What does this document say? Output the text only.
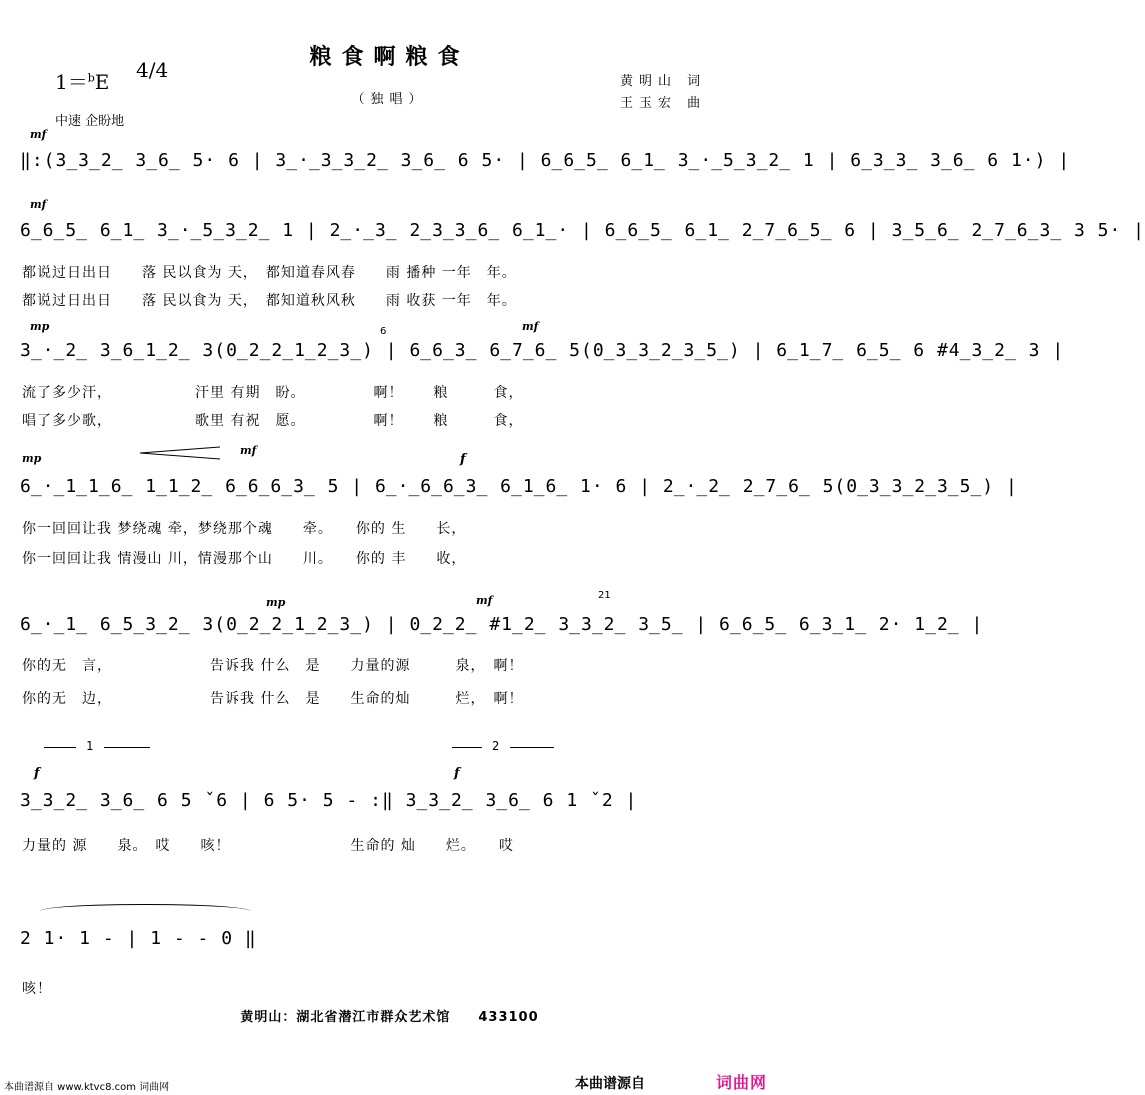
粮食啊粮食
（独唱）
1＝$^b$E 4/4	黄明山 词
王玉宏 曲
中速 企盼地
mf
‖:(3̲3̲2̲ 3̲6̲ 5· 6 | 3̲·̲3̲3̲2̲ 3̲6̲ 6 5· | 6̲6̲5̲ 6̲1̲ 3̲·̲5̲3̲2̲ 1 | 6̲3̲3̲ 3̲6̲ 6 1·) |
mf
6̲6̲5̲ 6̲1̲ 3̲·̲5̲3̲2̲ 1 | 2̲·̲3̲ 2̲3̲3̲6̲ 6̲1̲· | 6̲6̲5̲ 6̲1̲ 2̲7̲6̲5̲ 6 | 3̲5̲6̲ 2̲7̲6̲3̲ 3 5· |
都说过日出日　　落 民以食为 天，　都知道春风春　　雨 播种 一年　年。
都说过日出日　　落 民以食为 天，　都知道秋风秋　　雨 收获 一年　年。
mp	mf
6
3̲·̲2̲ 3̲6̲1̲2̲ 3(0̲2̲2̲1̲2̲3̲) | 6̲6̲3̲ 6̲7̲6̲ 5(0̲3̲3̲2̲3̲5̲) | 6̲1̲7̲ 6̲5̲ 6 #4̲3̲2̲ 3 |
流了多少汗，　　　　　　汗里 有期　盼。　　　　　啊！　　粮　　　食，
唱了多少歌，　　　　　　歌里 有祝　愿。　　　　　啊！　　粮　　　食，
mp
mf
f
6̲·̲1̲1̲6̲ 1̲1̲2̲ 6̲6̲6̲3̲ 5 | 6̲·̲6̲6̲3̲ 6̲1̲6̲ 1· 6 | 2̲·̲2̲ 2̲7̲6̲ 5(0̲3̲3̲2̲3̲5̲) |
你一回回让我 梦绕魂 牵，梦绕那个魂　　牵。　　你的 生　　长，
你一回回让我 情漫山 川，情漫那个山　　川。　　你的 丰　　收，
mp	mf	21
6̲·̲1̲ 6̲5̲3̲2̲ 3(0̲2̲2̲1̲2̲3̲) | 0̲2̲2̲ #1̲2̲ 3̲3̲2̲ 3̲5̲ | 6̲6̲5̲ 6̲3̲1̲ 2· 1̲2̲ |
你的无　言，　　　　　　　告诉我 什么　是　　力量的源　　　泉，　啊！
你的无　边，　　　　　　　告诉我 什么　是　　生命的灿　　　烂，　啊！
1	2
f	f
3̲3̲2̲ 3̲6̲ 6 5 ˇ6 | 6 5· 5 - :‖ 3̲3̲2̲ 3̲6̲ 6 1 ˇ2 |
力量的 源　　泉。　哎　　咳！　　　　　　　　生命的 灿　　烂。　　哎
2 1· 1 - | 1 - - 0 ‖
咳！
黄明山：湖北省潜江市群众艺术馆　　433100
本曲谱源自 www.ktvc8.com 词曲网	本曲谱源自	词曲网
